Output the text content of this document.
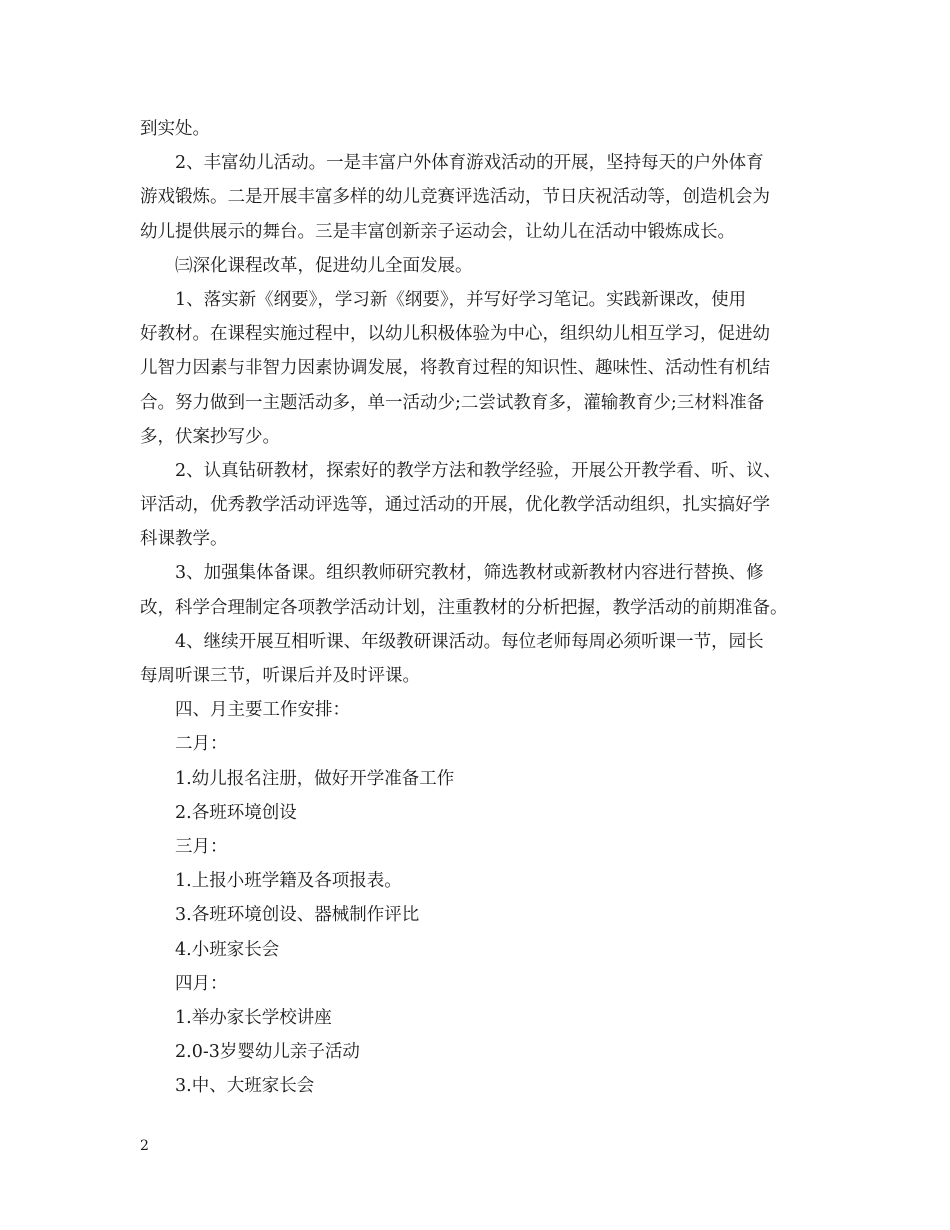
到实处。
2、丰富幼儿活动。一是丰富户外体育游戏活动的开展，坚持每天的户外体育
游戏锻炼。二是开展丰富多样的幼儿竞赛评选活动，节日庆祝活动等，创造机会为
幼儿提供展示的舞台。三是丰富创新亲子运动会，让幼儿在活动中锻炼成长。
㈢深化课程改革，促进幼儿全面发展。
1、落实新《纲要》，学习新《纲要》，并写好学习笔记。实践新课改，使用
好教材。在课程实施过程中，以幼儿积极体验为中心，组织幼儿相互学习，促进幼
儿智力因素与非智力因素协调发展，将教育过程的知识性、趣味性、活动性有机结
合。努力做到一主题活动多，单一活动少;二尝试教育多，灌输教育少;三材料准备
多，伏案抄写少。
2、认真钻研教材，探索好的教学方法和教学经验，开展公开教学看、听、议、
评活动，优秀教学活动评选等，通过活动的开展，优化教学活动组织，扎实搞好学
科课教学。
3、加强集体备课。组织教师研究教材，筛选教材或新教材内容进行替换、修
改，科学合理制定各项教学活动计划，注重教材的分析把握，教学活动的前期准备。
4、继续开展互相听课、年级教研课活动。每位老师每周必须听课一节，园长
每周听课三节，听课后并及时评课。
四、月主要工作安排：
二月：
1.幼儿报名注册，做好开学准备工作
2.各班环境创设
三月：
1.上报小班学籍及各项报表。
3.各班环境创设、器械制作评比
4.小班家长会
四月：
1.举办家长学校讲座
2.0-3岁婴幼儿亲子活动
3.中、大班家长会
2
